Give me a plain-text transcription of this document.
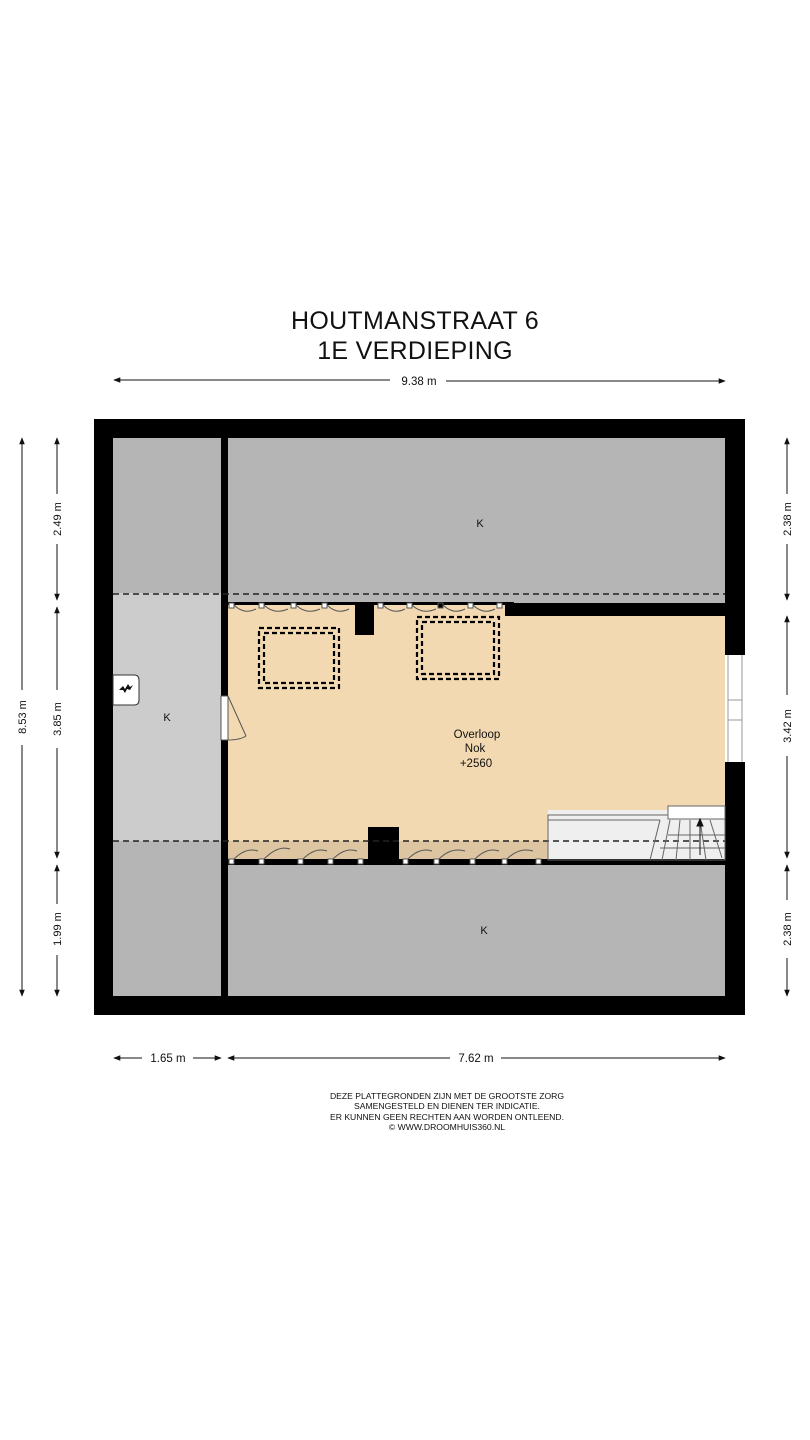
HOUTMANSTRAAT 6
1E VERDIEPING
K
K
K
Overloop
Nok
+2560
9.38 m
1.65 m	7.62 m
8.53 m
2.49 m
3.85 m
1.99 m
2.38 m
3.42 m
2.38 m
DEZE PLATTEGRONDEN ZIJN MET DE GROOTSTE ZORG
SAMENGESTELD EN DIENEN TER INDICATIE.
ER KUNNEN GEEN RECHTEN AAN WORDEN ONTLEEND.
© WWW.DROOMHUIS360.NL
